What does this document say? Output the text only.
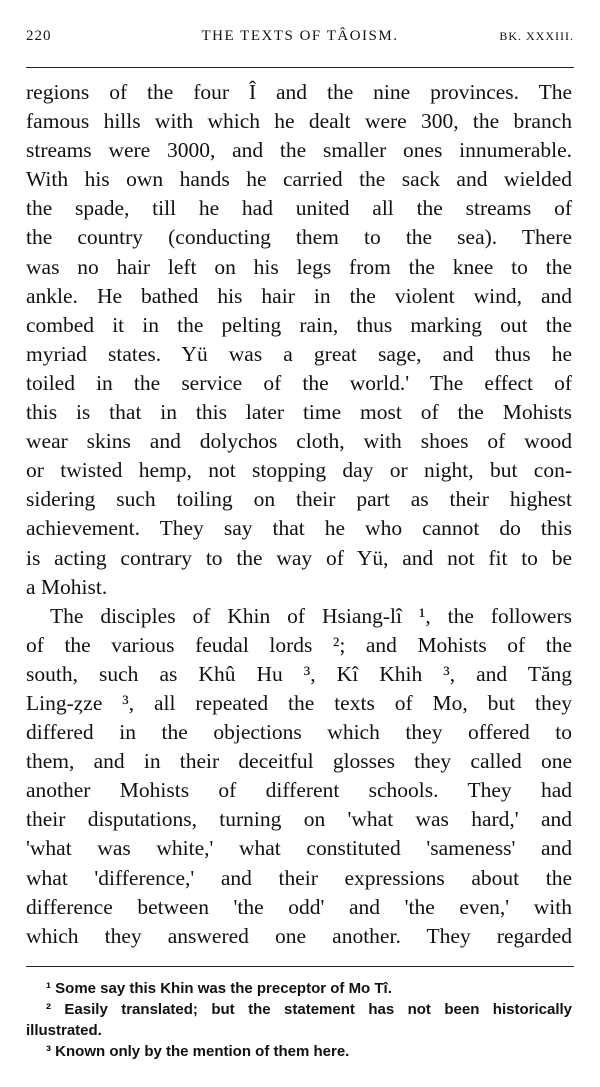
220	THE TEXTS OF TÂOISM.	BK. XXXIII.
regions of the four Î and the nine provinces. The
famous hills with which he dealt were 300, the branch
streams were 3000, and the smaller ones innumerable.
With his own hands he carried the sack and wielded
the spade, till he had united all the streams of
the country (conducting them to the sea). There
was no hair left on his legs from the knee to the
ankle. He bathed his hair in the violent wind, and
combed it in the pelting rain, thus marking out the
myriad states. Yü was a great sage, and thus he
toiled in the service of the world.' The effect of
this is that in this later time most of the Mohists
wear skins and dolychos cloth, with shoes of wood
or twisted hemp, not stopping day or night, but con-
sidering such toiling on their part as their highest
achievement. They say that he who cannot do this
is acting contrary to the way of Yü, and not fit to be
a Mohist.
The disciples of Khin of Hsiang-lî ¹, the followers
of the various feudal lords ²; and Mohists of the
south, such as Khû Hu ³, Kî Khih ³, and Tăng
Ling-ȥze ³, all repeated the texts of Mo, but they
differed in the objections which they offered to
them, and in their deceitful glosses they called one
another Mohists of different schools. They had
their disputations, turning on 'what was hard,' and
'what was white,' what constituted 'sameness' and
what 'difference,' and their expressions about the
difference between 'the odd' and 'the even,' with
which they answered one another. They regarded
¹ Some say this Khin was the preceptor of Mo Tî.
² Easily translated; but the statement has not been historically
illustrated.
³ Known only by the mention of them here.
